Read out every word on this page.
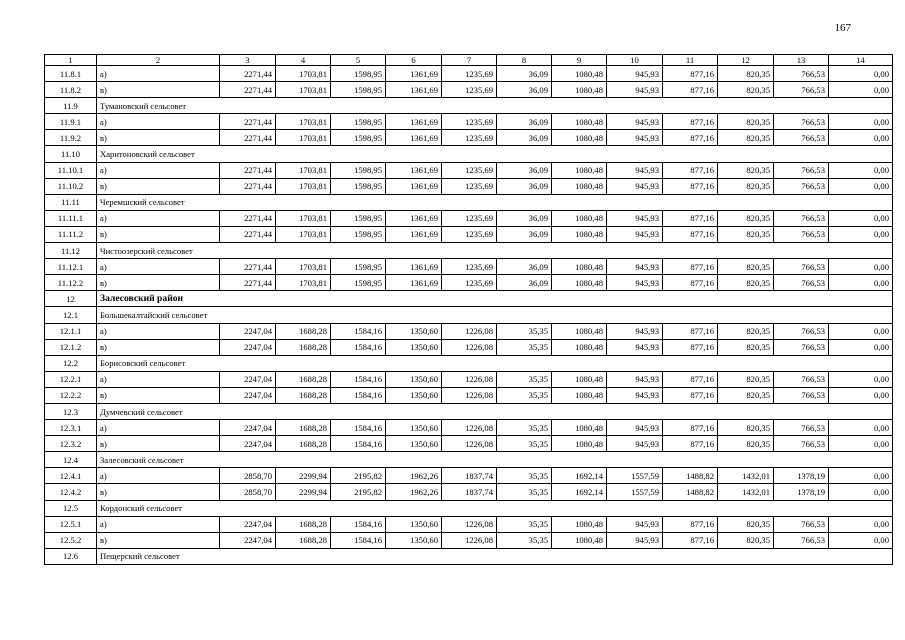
167
1	2	3	4	5	6	7	8	9	10	11	12	13	14
11.8.1	а)	2271,44	1703,81	1598,95	1361,69	1235,69	36,09	1080,48	945,93	877,16	820,35	766,53	0,00
11.8.2	в)	2271,44	1703,81	1598,95	1361,69	1235,69	36,09	1080,48	945,93	877,16	820,35	766,53	0,00
11.9	Тумановский сельсовет												
11.9.1	а)	2271,44	1703,81	1598,95	1361,69	1235,69	36,09	1080,48	945,93	877,16	820,35	766,53	0,00
11.9.2	в)	2271,44	1703,81	1598,95	1361,69	1235,69	36,09	1080,48	945,93	877,16	820,35	766,53	0,00
11.10	Харитоновский сельсовет												
11.10.1	а)	2271,44	1703,81	1598,95	1361,69	1235,69	36,09	1080,48	945,93	877,16	820,35	766,53	0,00
11.10.2	в)	2271,44	1703,81	1598,95	1361,69	1235,69	36,09	1080,48	945,93	877,16	820,35	766,53	0,00
11.11	Черемшский сельсовет												
11.11.1	а)	2271,44	1703,81	1598,95	1361,69	1235,69	36,09	1080,48	945,93	877,16	820,35	766,53	0,00
11.11.2	в)	2271,44	1703,81	1598,95	1361,69	1235,69	36,09	1080,48	945,93	877,16	820,35	766,53	0,00
11.12	Чистоозерский сельсовет												
11.12.1	а)	2271,44	1703,81	1598,95	1361,69	1235,69	36,09	1080,48	945,93	877,16	820,35	766,53	0,00
11.12.2	в)	2271,44	1703,81	1598,95	1361,69	1235,69	36,09	1080,48	945,93	877,16	820,35	766,53	0,00
12	Залесовский район												
12.1	Большекалтайский сельсовет												
12.1.1	а)	2247,04	1688,28	1584,16	1350,60	1226,08	35,35	1080,48	945,93	877,16	820,35	766,53	0,00
12.1.2	в)	2247,04	1688,28	1584,16	1350,60	1226,08	35,35	1080,48	945,93	877,16	820,35	766,53	0,00
12.2	Борисовский сельсовет												
12.2.1	а)	2247,04	1688,28	1584,16	1350,60	1226,08	35,35	1080,48	945,93	877,16	820,35	766,53	0,00
12.2.2	в)	2247,04	1688,28	1584,16	1350,60	1226,08	35,35	1080,48	945,93	877,16	820,35	766,53	0,00
12.3	Думчевский сельсовет												
12.3.1	а)	2247,04	1688,28	1584,16	1350,60	1226,08	35,35	1080,48	945,93	877,16	820,35	766,53	0,00
12.3.2	в)	2247,04	1688,28	1584,16	1350,60	1226,08	35,35	1080,48	945,93	877,16	820,35	766,53	0,00
12.4	Залесовский сельсовет												
12.4.1	а)	2858,70	2299,94	2195,82	1962,26	1837,74	35,35	1692,14	1557,59	1488,82	1432,01	1378,19	0,00
12.4.2	в)	2858,70	2299,94	2195,82	1962,26	1837,74	35,35	1692,14	1557,59	1488,82	1432,01	1378,19	0,00
12.5	Кордонский сельсовет												
12.5.1	а)	2247,04	1688,28	1584,16	1350,60	1226,08	35,35	1080,48	945,93	877,16	820,35	766,53	0,00
12.5.2	в)	2247,04	1688,28	1584,16	1350,60	1226,08	35,35	1080,48	945,93	877,16	820,35	766,53	0,00
12.6	Пещерский сельсовет												
